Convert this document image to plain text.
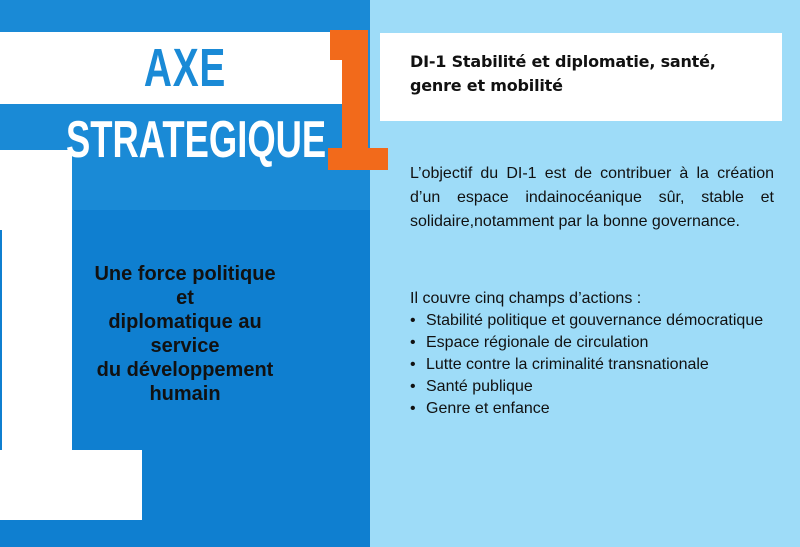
AXE
STRATEGIQUE
DI-1 Stabilité et diplomatie, santé, genre et mobilité
Une force politique
et
diplomatique au
service
du développement
humain
L’objectif du DI-1 est de contribuer à la création d’un espace indainocéanique sûr, stable et solidaire,notamment par la bonne governance.
Il couvre cinq champs d’actions :
• Stabilité politique et gouvernance démocratique
• Espace régionale de circulation
• Lutte contre la criminalité transnationale
• Santé publique
• Genre et enfance
